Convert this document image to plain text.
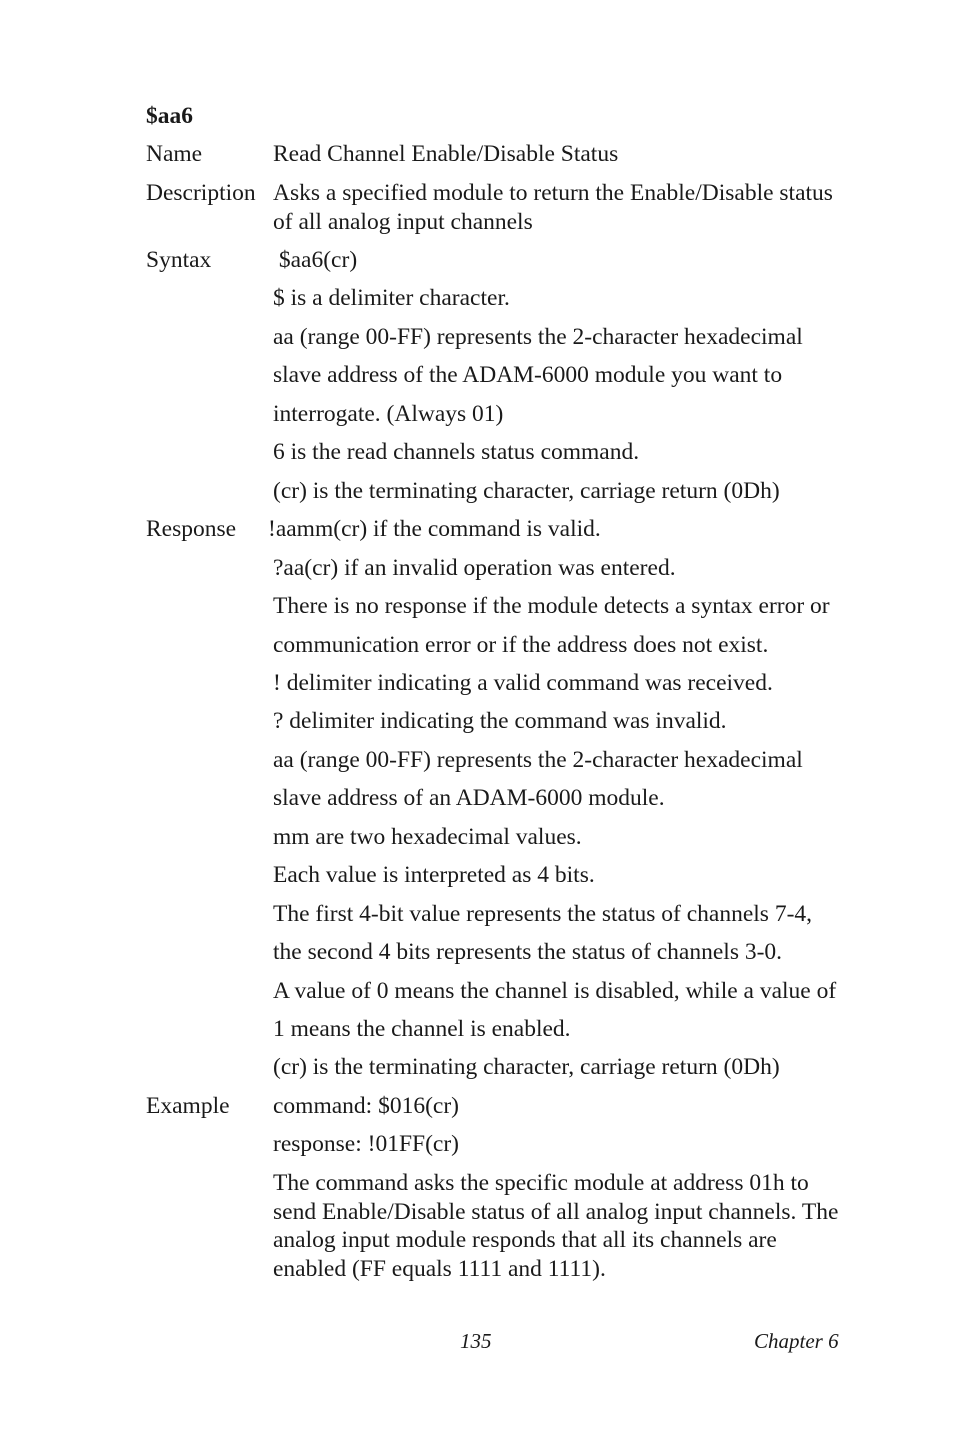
$aa6
Name	Read Channel Enable/Disable Status
Description Asks a specified module to return the Enable/Disable status
of all analog input channels
Syntax	$aa6(cr)
$ is a delimiter character.
aa (range 00-FF) represents the 2-character hexadecimal
slave address of the ADAM-6000 module you want to
interrogate. (Always 01)
6 is the read channels status command.
(cr) is the terminating character, carriage return (0Dh)
Response !aamm(cr) if the command is valid.
?aa(cr) if an invalid operation was entered.
There is no response if the module detects a syntax error or
communication error or if the address does not exist.
! delimiter indicating a valid command was received.
? delimiter indicating the command was invalid.
aa (range 00-FF) represents the 2-character hexadecimal
slave address of an ADAM-6000 module.
mm are two hexadecimal values.
Each value is interpreted as 4 bits.
The first 4-bit value represents the status of channels 7-4,
the second 4 bits represents the status of channels 3-0.
A value of 0 means the channel is disabled, while a value of
1 means the channel is enabled.
(cr) is the terminating character, carriage return (0Dh)
Example command: $016(cr)
response: !01FF(cr)
The command asks the specific module at address 01h to
send Enable/Disable status of all analog input channels. The
analog input module responds that all its channels are
enabled (FF equals 1111 and 1111).
135	Chapter 6
